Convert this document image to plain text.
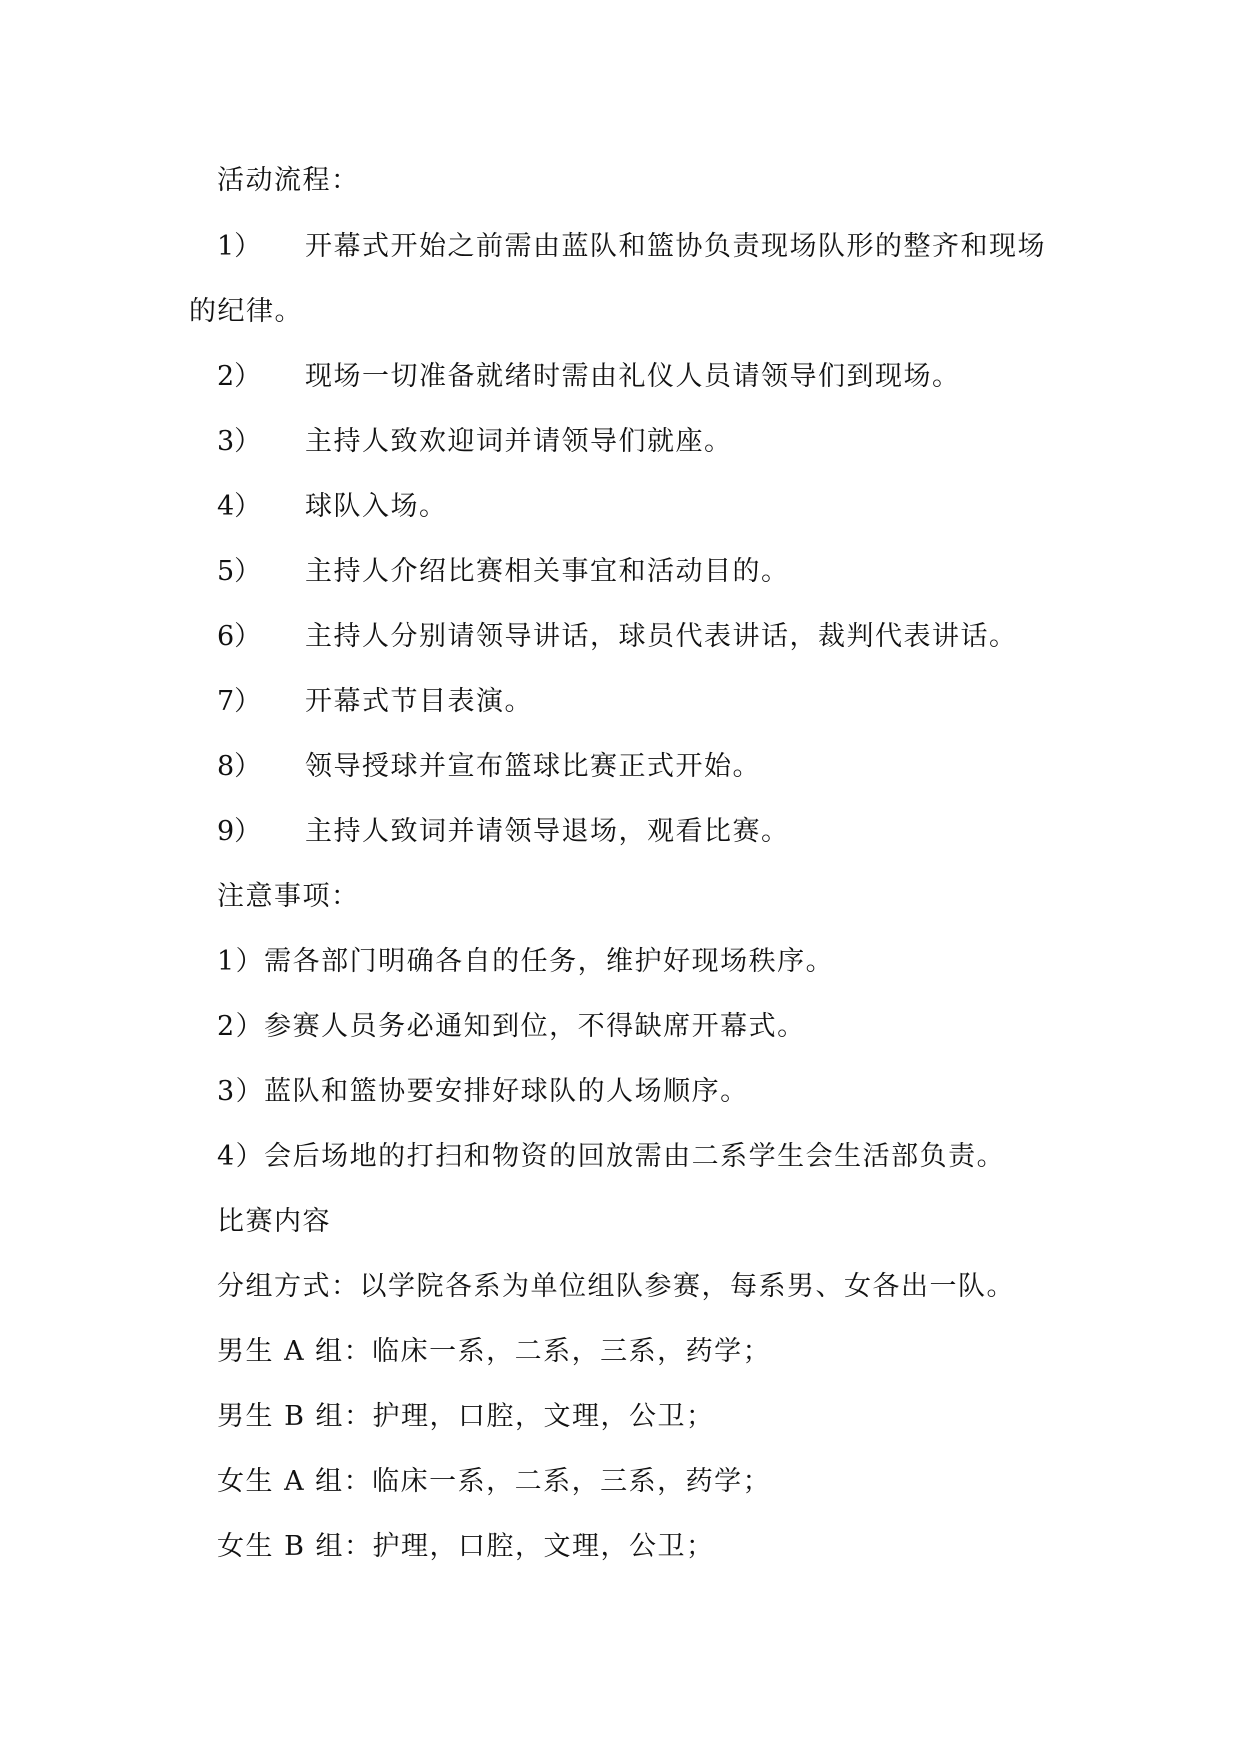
活动流程：
1） 开幕式开始之前需由蓝队和篮协负责现场队形的整齐和现场
的纪律。
2） 现场一切准备就绪时需由礼仪人员请领导们到现场。
3） 主持人致欢迎词并请领导们就座。
4） 球队入场。
5） 主持人介绍比赛相关事宜和活动目的。
6） 主持人分别请领导讲话，球员代表讲话，裁判代表讲话。
7） 开幕式节目表演。
8） 领导授球并宣布篮球比赛正式开始。
9） 主持人致词并请领导退场，观看比赛。
注意事项：
1）需各部门明确各自的任务，维护好现场秩序。
2）参赛人员务必通知到位，不得缺席开幕式。
3）蓝队和篮协要安排好球队的人场顺序。
4）会后场地的打扫和物资的回放需由二系学生会生活部负责。
比赛内容
分组方式：以学院各系为单位组队参赛，每系男、女各出一队。
男生 A 组：临床一系，二系，三系，药学；
男生 B 组：护理，口腔，文理，公卫；
女生 A 组：临床一系，二系，三系，药学；
女生 B 组：护理，口腔，文理，公卫；
